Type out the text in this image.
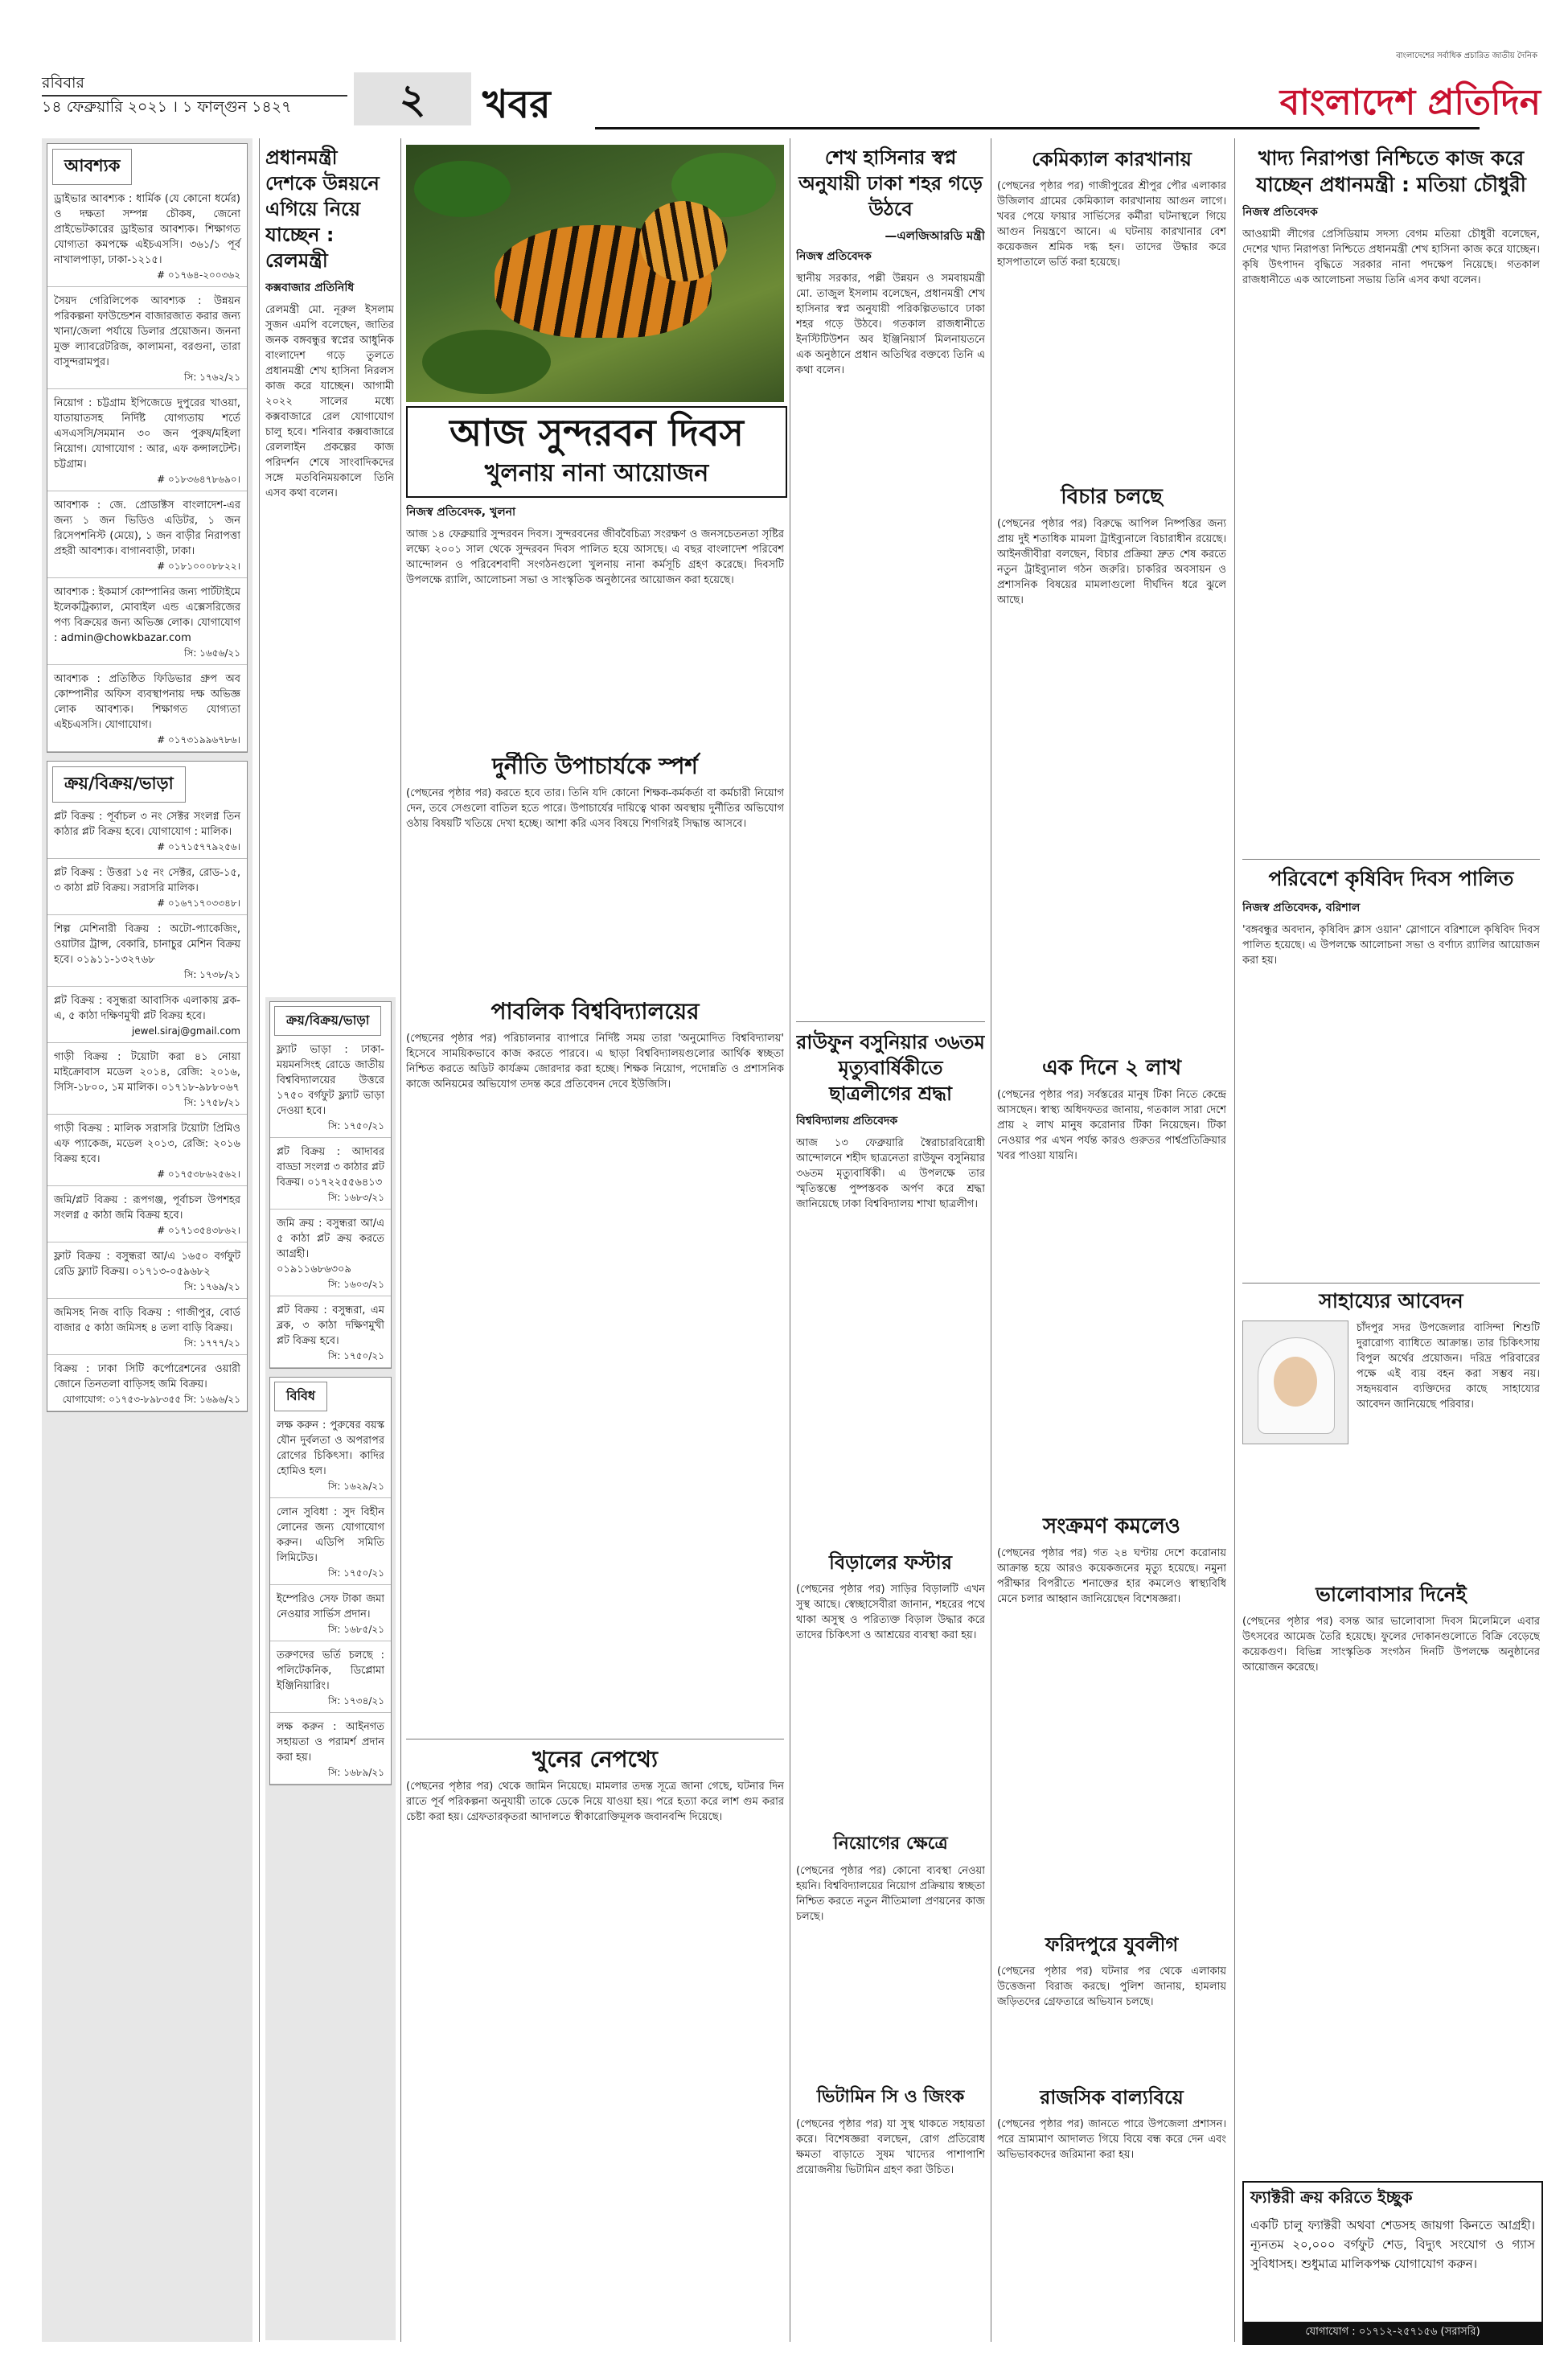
রবিবার
১৪ ফেব্রুয়ারি ২০২১ । ১ ফাল্গুন ১৪২৭	২	খবর
বাংলাদেশের সর্বাধিক প্রচারিত জাতীয় দৈনিক
বাংলাদেশ প্রতিদিন
আবশ্যক
ড্রাইভার আবশ্যক : ধার্মিক (যে কোনো ধর্মের) ও দক্ষতা সম্পন্ন চৌকষ, জেনো প্রাইভেটকারের ড্রাইভার আবশ্যক। শিক্ষাগত যোগ্যতা কমপক্ষে এইচএসসি। ৩৬১/১ পূর্ব নাখালপাড়া, ঢাকা-১২১৫।
# ০১৭৬৪-২০০৩৬২
সৈয়দ গেরিলিপেক আবশ্যক : উন্নয়ন পরিকল্পনা ফাউন্ডেশন বাজারজাত করার জন্য খানা/জেলা পর্যায়ে ডিলার প্রয়োজন। জননা মুক্ত ল্যাবরেটরিজ, কালামনা, বরগুনা, তারা বাসুন্দরামপুর।
সি: ১৭৬২/২১
নিয়োগ : চট্টগ্রাম ইপিজেডে দুপুরের খাওয়া, যাতায়াতসহ নির্দিষ্ট যোগ্যতায় শর্তে এসএসসি/সমমান ৩০ জন পুরুষ/মহিলা নিয়োগ। যোগাযোগ : আর, এফ কন্সালটেন্ট। চট্টগ্রাম।
# ০১৮৩৬৪৭৮৬৯০।
আবশ্যক : জে. প্রোডাক্টস বাংলাদেশ-এর জন্য ১ জন ভিডিও এডিটর, ১ জন রিসেপশনিস্ট (মেয়ে), ১ জন বাড়ীর নিরাপত্তা প্রহরী আবশ্যক। বাগানবাড়ী, ঢাকা।
# ০১৮১০০০৮৮২২।
আবশ্যক : ইকমার্স কোম্পানির জন্য পার্টটাইমে ইলেকট্রিক্যাল, মোবাইল এন্ড এক্সেসরিজের পণ্য বিক্রয়ের জন্য অভিজ্ঞ লোক। যোগাযোগ : admin@chowkbazar.com
সি: ১৬৫৬/২১
আবশ্যক : প্রতিষ্ঠিত ফিডিভার গ্রুপ অব কোম্পানীর অফিস ব্যবস্থাপনায় দক্ষ অভিজ্ঞ লোক আবশ্যক। শিক্ষাগত যোগ্যতা এইচএসসি। যোগাযোগ।
# ০১৭৩১৯৯৬৭৮৬।
ক্রয়/বিক্রয়/ভাড়া
প্লট বিক্রয় : পূর্বাচল ৩ নং সেক্টর সংলগ্ন তিন কাঠার প্লট বিক্রয় হবে। যোগাযোগ : মালিক।
# ০১৭১৫৭৭৯২৫৬।
প্লট বিক্রয় : উত্তরা ১৫ নং সেক্টর, রোড-১৫, ৩ কাঠা প্লট বিক্রয়। সরাসরি মালিক।
# ০১৬৭১৭০৩৩৪৮।
শিল্প মেশিনারী বিক্রয় : অটো-প্যাকেজিং, ওয়াটার ট্রান্স, বেকারি, চানাচুর মেশিন বিক্রয় হবে। ০১৯১১-১৩২৭৬৮
সি: ১৭৩৮/২১
প্লট বিক্রয় : বসুন্ধরা আবাসিক এলাকায় ব্লক-এ, ৫ কাঠা দক্ষিণমুখী প্লট বিক্রয় হবে।
jewel.siraj@gmail.com
গাড়ী বিক্রয় : টয়োটা করা ৪১ নোয়া মাইক্রোবাস মডেল ২০১৪, রেজি: ২০১৬, সিসি-১৮০০, ১ম মালিক। ০১৭১৮-৯৮৮০৬৭
সি: ১৭৫৮/২১
গাড়ী বিক্রয় : মালিক সরাসরি টয়োটা প্রিমিও এফ প্যাকেজ, মডেল ২০১৩, রেজি: ২০১৬ বিক্রয় হবে।
# ০১৭৫৩৮৬২৫৬২।
জমি/প্লট বিক্রয় : রূপগঞ্জ, পূর্বাচল উপশহর সংলগ্ন ৫ কাঠা জমি বিক্রয় হবে।
# ০১৭১৩৫৪৩৮৬২।
ফ্লাট বিক্রয় : বসুন্ধরা আ/এ ১৬৫০ বর্গফুট রেডি ফ্ল্যাট বিক্রয়। ০১৭১৩-০৫৯৬৮২
সি: ১৭৬৯/২১
জমিসহ নিজ বাড়ি বিক্রয় : গাজীপুর, বোর্ড বাজার ৫ কাঠা জমিসহ ৪ তলা বাড়ি বিক্রয়।
সি: ১৭৭৭/২১
বিক্রয় : ঢাকা সিটি কর্পোরেশনের ওয়ারী জোনে তিনতলা বাড়িসহ জমি বিক্রয়।
যোগাযোগ: ০১৭৫৩-৮৯৮৩৫৫ সি: ১৬৯৬/২১
প্রধানমন্ত্রী দেশকে উন্নয়নে এগিয়ে নিয়ে যাচ্ছেন : রেলমন্ত্রী
কক্সবাজার প্রতিনিধি
রেলমন্ত্রী মো. নূরুল ইসলাম সুজন এমপি বলেছেন, জাতির জনক বঙ্গবন্ধুর স্বপ্নের আধুনিক বাংলাদেশ গড়ে তুলতে প্রধানমন্ত্রী শেখ হাসিনা নিরলস কাজ করে যাচ্ছেন। আগামী ২০২২ সালের মধ্যে কক্সবাজারে রেল যোগাযোগ চালু হবে। শনিবার কক্সবাজারে রেললাইন প্রকল্পের কাজ পরিদর্শন শেষে সাংবাদিকদের সঙ্গে মতবিনিময়কালে তিনি এসব কথা বলেন।
আজ সুন্দরবন দিবস
খুলনায় নানা আয়োজন
নিজস্ব প্রতিবেদক, খুলনা
আজ ১৪ ফেব্রুয়ারি সুন্দরবন দিবস। সুন্দরবনের জীববৈচিত্র্য সংরক্ষণ ও জনসচেতনতা সৃষ্টির লক্ষ্যে ২০০১ সাল থেকে সুন্দরবন দিবস পালিত হয়ে আসছে। এ বছর বাংলাদেশ পরিবেশ আন্দোলন ও পরিবেশবাদী সংগঠনগুলো খুলনায় নানা কর্মসূচি গ্রহণ করেছে। দিবসটি উপলক্ষে র‌্যালি, আলোচনা সভা ও সাংস্কৃতিক অনুষ্ঠানের আয়োজন করা হয়েছে।
দুর্নীতি উপাচার্যকে স্পর্শ
(পেছনের পৃষ্ঠার পর) করতে হবে তার। তিনি যদি কোনো শিক্ষক-কর্মকর্তা বা কর্মচারী নিয়োগ দেন, তবে সেগুলো বাতিল হতে পারে। উপাচার্যের দায়িত্বে থাকা অবস্থায় দুর্নীতির অভিযোগ ওঠায় বিষয়টি খতিয়ে দেখা হচ্ছে। আশা করি এসব বিষয়ে শিগগিরই সিদ্ধান্ত আসবে।
পাবলিক বিশ্ববিদ্যালয়ের
(পেছনের পৃষ্ঠার পর) পরিচালনার ব্যাপারে নির্দিষ্ট সময় তারা 'অনুমোদিত বিশ্ববিদ্যালয়' হিসেবে সাময়িকভাবে কাজ করতে পারবে। এ ছাড়া বিশ্ববিদ্যালয়গুলোর আর্থিক স্বচ্ছতা নিশ্চিত করতে অডিট কার্যক্রম জোরদার করা হচ্ছে। শিক্ষক নিয়োগ, পদোন্নতি ও প্রশাসনিক কাজে অনিয়মের অভিযোগ তদন্ত করে প্রতিবেদন দেবে ইউজিসি।
খুনের নেপথ্যে
(পেছনের পৃষ্ঠার পর) থেকে জামিন নিয়েছে। মামলার তদন্ত সূত্রে জানা গেছে, ঘটনার দিন রাতে পূর্ব পরিকল্পনা অনুযায়ী তাকে ডেকে নিয়ে যাওয়া হয়। পরে হত্যা করে লাশ গুম করার চেষ্টা করা হয়। গ্রেফতারকৃতরা আদালতে স্বীকারোক্তিমূলক জবানবন্দি দিয়েছে।
ক্রয়/বিক্রয়/ভাড়া
ফ্ল্যাট ভাড়া : ঢাকা-ময়মনসিংহ রোডে জাতীয় বিশ্ববিদ্যালয়ের উত্তরে ১৭৫০ বর্গফুট ফ্ল্যাট ভাড়া দেওয়া হবে।
সি: ১৭৫০/২১
প্লট বিক্রয় : আদাবর বাড্ডা সংলগ্ন ৩ কাঠার প্লট বিক্রয়। ০১৭২২৫৫৬৪১৩
সি: ১৬৮৩/২১
জমি ক্রয় : বসুন্ধরা আ/এ ৫ কাঠা প্লট ক্রয় করতে আগ্রহী। ০১৯১১৬৮৬৩০৯
সি: ১৬০৩/২১
প্লট বিক্রয় : বসুন্ধরা, এম ব্লক, ৩ কাঠা দক্ষিণমুখী প্লট বিক্রয় হবে।
সি: ১৭৫০/২১
বিবিধ
লক্ষ করুন : পুরুষের বয়স্ক যৌন দুর্বলতা ও অপরাপর রোগের চিকিৎসা। কাদির হোমিও হল।
সি: ১৬২৯/২১
লোন সুবিধা : সুদ বিহীন লোনের জন্য যোগাযোগ করুন। এডিপি সমিতি লিমিটেড।
সি: ১৭৫০/২১
ইম্পেরিও সেফ টাকা জমা নেওয়ার সার্ভিস প্রদান।
সি: ১৬৮৫/২১
তরুণদের ভর্তি চলছে : পলিটেকনিক, ডিপ্লোমা ইঞ্জিনিয়ারিং।
সি: ১৭৩৪/২১
লক্ষ করুন : আইনগত সহায়তা ও পরামর্শ প্রদান করা হয়।
সি: ১৬৮৯/২১
শেখ হাসিনার স্বপ্ন অনুযায়ী ঢাকা শহর গড়ে উঠবে
—এলজিআরডি মন্ত্রী
নিজস্ব প্রতিবেদক
স্থানীয় সরকার, পল্লী উন্নয়ন ও সমবায়মন্ত্রী মো. তাজুল ইসলাম বলেছেন, প্রধানমন্ত্রী শেখ হাসিনার স্বপ্ন অনুযায়ী পরিকল্পিতভাবে ঢাকা শহর গড়ে উঠবে। গতকাল রাজধানীতে ইনস্টিটিউশন অব ইঞ্জিনিয়ার্স মিলনায়তনে এক অনুষ্ঠানে প্রধান অতিথির বক্তব্যে তিনি এ কথা বলেন।
রাউফুন বসুনিয়ার ৩৬তম মৃত্যুবার্ষিকীতে ছাত্রলীগের শ্রদ্ধা
বিশ্ববিদ্যালয় প্রতিবেদক
আজ ১৩ ফেব্রুয়ারি স্বৈরাচারবিরোধী আন্দোলনে শহীদ ছাত্রনেতা রাউফুন বসুনিয়ার ৩৬তম মৃত্যুবার্ষিকী। এ উপলক্ষে তার স্মৃতিস্তম্ভে পুষ্পস্তবক অর্পণ করে শ্রদ্ধা জানিয়েছে ঢাকা বিশ্ববিদ্যালয় শাখা ছাত্রলীগ।
বিড়ালের ফস্টার
(পেছনের পৃষ্ঠার পর) সাড়ির বিড়ালটি এখন সুস্থ আছে। স্বেচ্ছাসেবীরা জানান, শহরের পথে থাকা অসুস্থ ও পরিত্যক্ত বিড়াল উদ্ধার করে তাদের চিকিৎসা ও আশ্রয়ের ব্যবস্থা করা হয়।
নিয়োগের ক্ষেত্রে
(পেছনের পৃষ্ঠার পর) কোনো ব্যবস্থা নেওয়া হয়নি। বিশ্ববিদ্যালয়ের নিয়োগ প্রক্রিয়ায় স্বচ্ছতা নিশ্চিত করতে নতুন নীতিমালা প্রণয়নের কাজ চলছে।
ভিটামিন সি ও জিংক
(পেছনের পৃষ্ঠার পর) যা সুস্থ থাকতে সহায়তা করে। বিশেষজ্ঞরা বলছেন, রোগ প্রতিরোধ ক্ষমতা বাড়াতে সুষম খাদ্যের পাশাপাশি প্রয়োজনীয় ভিটামিন গ্রহণ করা উচিত।
কেমিক্যাল কারখানায়
(পেছনের পৃষ্ঠার পর) গাজীপুরের শ্রীপুর পৌর এলাকার উজিলাব গ্রামের কেমিক্যাল কারখানায় আগুন লাগে। খবর পেয়ে ফায়ার সার্ভিসের কর্মীরা ঘটনাস্থলে গিয়ে আগুন নিয়ন্ত্রণে আনে। এ ঘটনায় কারখানার বেশ কয়েকজন শ্রমিক দগ্ধ হন। তাদের উদ্ধার করে হাসপাতালে ভর্তি করা হয়েছে।
বিচার চলছে
(পেছনের পৃষ্ঠার পর) বিরুদ্ধে আপিল নিষ্পত্তির জন্য প্রায় দুই শতাধিক মামলা ট্রাইব্যুনালে বিচারাধীন রয়েছে। আইনজীবীরা বলছেন, বিচার প্রক্রিয়া দ্রুত শেষ করতে নতুন ট্রাইব্যুনাল গঠন জরুরি। চাকরির অবসায়ন ও প্রশাসনিক বিষয়ের মামলাগুলো দীর্ঘদিন ধরে ঝুলে আছে।
এক দিনে ২ লাখ
(পেছনের পৃষ্ঠার পর) সর্বস্তরের মানুষ টিকা নিতে কেন্দ্রে আসছেন। স্বাস্থ্য অধিদফতর জানায়, গতকাল সারা দেশে প্রায় ২ লাখ মানুষ করোনার টিকা নিয়েছেন। টিকা নেওয়ার পর এখন পর্যন্ত কারও গুরুতর পার্শ্বপ্রতিক্রিয়ার খবর পাওয়া যায়নি।
সংক্রমণ কমলেও
(পেছনের পৃষ্ঠার পর) গত ২৪ ঘণ্টায় দেশে করোনায় আক্রান্ত হয়ে আরও কয়েকজনের মৃত্যু হয়েছে। নমুনা পরীক্ষার বিপরীতে শনাক্তের হার কমলেও স্বাস্থ্যবিধি মেনে চলার আহ্বান জানিয়েছেন বিশেষজ্ঞরা।
ফরিদপুরে যুবলীগ
(পেছনের পৃষ্ঠার পর) ঘটনার পর থেকে এলাকায় উত্তেজনা বিরাজ করছে। পুলিশ জানায়, হামলায় জড়িতদের গ্রেফতারে অভিযান চলছে।
রাজসিক বাল্যবিয়ে
(পেছনের পৃষ্ঠার পর) জানতে পারে উপজেলা প্রশাসন। পরে ভ্রাম্যমাণ আদালত গিয়ে বিয়ে বন্ধ করে দেন এবং অভিভাবকদের জরিমানা করা হয়।
খাদ্য নিরাপত্তা নিশ্চিতে কাজ করে যাচ্ছেন প্রধানমন্ত্রী : মতিয়া চৌধুরী
নিজস্ব প্রতিবেদক
আওয়ামী লীগের প্রেসিডিয়াম সদস্য বেগম মতিয়া চৌধুরী বলেছেন, দেশের খাদ্য নিরাপত্তা নিশ্চিতে প্রধানমন্ত্রী শেখ হাসিনা কাজ করে যাচ্ছেন। কৃষি উৎপাদন বৃদ্ধিতে সরকার নানা পদক্ষেপ নিয়েছে। গতকাল রাজধানীতে এক আলোচনা সভায় তিনি এসব কথা বলেন।
পরিবেশে কৃষিবিদ দিবস পালিত
নিজস্ব প্রতিবেদক, বরিশাল
'বঙ্গবন্ধুর অবদান, কৃষিবিদ ক্লাস ওয়ান' স্লোগানে বরিশালে কৃষিবিদ দিবস পালিত হয়েছে। এ উপলক্ষে আলোচনা সভা ও বর্ণাঢ্য র‌্যালির আয়োজন করা হয়।
সাহায্যের আবেদন
চাঁদপুর সদর উপজেলার বাসিন্দা শিশুটি দুরারোগ্য ব্যাধিতে আক্রান্ত। তার চিকিৎসায় বিপুল অর্থের প্রয়োজন। দরিদ্র পরিবারের পক্ষে এই ব্যয় বহন করা সম্ভব নয়। সহৃদয়বান ব্যক্তিদের কাছে সাহায্যের আবেদন জানিয়েছে পরিবার।
ভালোবাসার দিনেই
(পেছনের পৃষ্ঠার পর) বসন্ত আর ভালোবাসা দিবস মিলেমিলে এবার উৎসবের আমেজ তৈরি হয়েছে। ফুলের দোকানগুলোতে বিক্রি বেড়েছে কয়েকগুণ। বিভিন্ন সাংস্কৃতিক সংগঠন দিনটি উপলক্ষে অনুষ্ঠানের আয়োজন করেছে।
ফ্যাক্টরী ক্রয় করিতে ইচ্ছুক
একটি চালু ফ্যাক্টরী অথবা শেডসহ জায়গা কিনতে আগ্রহী। ন্যূনতম ২০,০০০ বর্গফুট শেড, বিদ্যুৎ সংযোগ ও গ্যাস সুবিধাসহ। শুধুমাত্র মালিকপক্ষ যোগাযোগ করুন।
যোগাযোগ : ০১৭১২-২৫৭১৫৬ (সরাসরি)
